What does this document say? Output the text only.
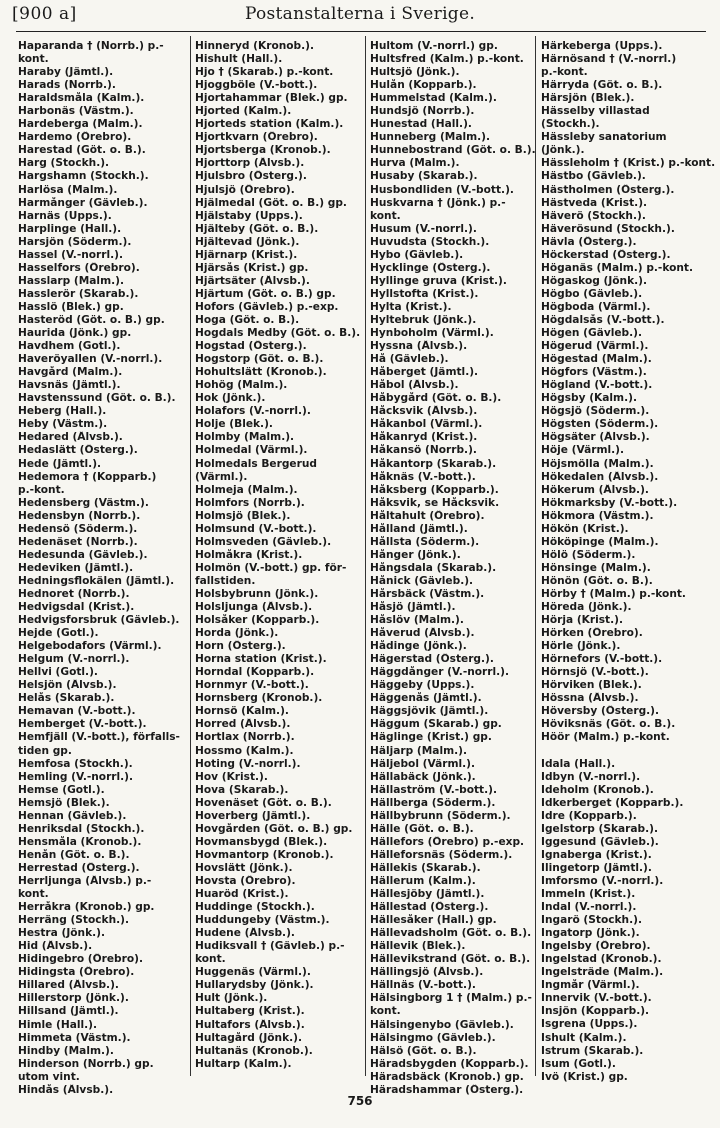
Postanstalterna i Sverige.
[900 a]
Haparanda † (Norrb.) p.-
kont.
Haraby (Jämtl.).
Harads (Norrb.).
Haraldsmåla (Kalm.).
Harbonäs (Västm.).
Hardeberga (Malm.).
Hardemo (Örebro).
Harestad (Göt. o. B.).
Harg (Stockh.).
Hargshamn (Stockh.).
Harlösa (Malm.).
Harmånger (Gävleb.).
Harnäs (Upps.).
Harplinge (Hall.).
Harsjön (Söderm.).
Hassel (V.-norrl.).
Hasselfors (Örebro).
Hasslarp (Malm.).
Hasslerör (Skarab.).
Hasslö (Blek.) gp.
Hasteröd (Göt. o. B.) gp.
Haurida (Jönk.) gp.
Havdhem (Gotl.).
Haveröyallen (V.-norrl.).
Havgård (Malm.).
Havsnäs (Jämtl.).
Havstenssund (Göt. o. B.).
Heberg (Hall.).
Heby (Västm.).
Hedared (Älvsb.).
Hedaslätt (Österg.).
Hede (Jämtl.).
Hedemora † (Kopparb.)
p.-kont.
Hedensberg (Västm.).
Hedensbyn (Norrb.).
Hedensö (Söderm.).
Hedenäset (Norrb.).
Hedesunda (Gävleb.).
Hedeviken (Jämtl.).
Hedningsflokälen (Jämtl.).
Hednoret (Norrb.).
Hedvigsdal (Krist.).
Hedvigsforsbruk (Gävleb.).
Hejde (Gotl.).
Helgebodafors (Värml.).
Helgum (V.-norrl.).
Hellvi (Gotl.).
Helsjön (Älvsb.).
Helås (Skarab.).
Hemavan (V.-bott.).
Hemberget (V.-bott.).
Hemfjäll (V.-bott.), förfalls-
tiden gp.
Hemfosa (Stockh.).
Hemling (V.-norrl.).
Hemse (Gotl.).
Hemsjö (Blek.).
Hennan (Gävleb.).
Henriksdal (Stockh.).
Hensmåla (Kronob.).
Henån (Göt. o. B.).
Herrestad (Österg.).
Herrljunga (Älvsb.) p.-
kont.
Herråkra (Kronob.) gp.
Herräng (Stockh.).
Hestra (Jönk.).
Hid (Älvsb.).
Hidingebro (Örebro).
Hidingsta (Örebro).
Hillared (Älvsb.).
Hillerstorp (Jönk.).
Hillsand (Jämtl.).
Himle (Hall.).
Himmeta (Västm.).
Hindby (Malm.).
Hinderson (Norrb.) gp.
utom vint.
Hindås (Älvsb.).
Hinneryd (Kronob.).
Hishult (Hall.).
Hjo † (Skarab.) p.-kont.
Hjoggböle (V.-bott.).
Hjortahammar (Blek.) gp.
Hjorted (Kalm.).
Hjorteds station (Kalm.).
Hjortkvarn (Örebro).
Hjortsberga (Kronob.).
Hjorttorp (Älvsb.).
Hjulsbro (Österg.).
Hjulsjö (Örebro).
Hjälmedal (Göt. o. B.) gp.
Hjälstaby (Upps.).
Hjälteby (Göt. o. B.).
Hjältevad (Jönk.).
Hjärnarp (Krist.).
Hjärsås (Krist.) gp.
Hjärtsäter (Älvsb.).
Hjärtum (Göt. o. B.) gp.
Hofors (Gävleb.) p.-exp.
Hoga (Göt. o. B.).
Hogdals Medby (Göt. o. B.).
Hogstad (Österg.).
Hogstorp (Göt. o. B.).
Hohultslätt (Kronob.).
Hohög (Malm.).
Hok (Jönk.).
Holafors (V.-norrl.).
Holje (Blek.).
Holmby (Malm.).
Holmedal (Värml.).
Holmedals Bergerud
(Värml.).
Holmeja (Malm.).
Holmfors (Norrb.).
Holmsjö (Blek.).
Holmsund (V.-bott.).
Holmsveden (Gävleb.).
Holmåkra (Krist.).
Holmön (V.-bott.) gp. för-
fallstiden.
Holsbybrunn (Jönk.).
Holsljunga (Älvsb.).
Holsåker (Kopparb.).
Horda (Jönk.).
Horn (Österg.).
Horna station (Krist.).
Horndal (Kopparb.).
Hornmyr (V.-bott.).
Hornsberg (Kronob.).
Hornsö (Kalm.).
Horred (Älvsb.).
Hortlax (Norrb.).
Hossmo (Kalm.).
Hoting (V.-norrl.).
Hov (Krist.).
Hova (Skarab.).
Hovenäset (Göt. o. B.).
Hoverberg (Jämtl.).
Hovgården (Göt. o. B.) gp.
Hovmansbygd (Blek.).
Hovmantorp (Kronob.).
Hovslätt (Jönk.).
Hovsta (Örebro).
Huaröd (Krist.).
Huddinge (Stockh.).
Huddungeby (Västm.).
Hudene (Älvsb.).
Hudiksvall † (Gävleb.) p.-
kont.
Huggenäs (Värml.).
Hullarydsby (Jönk.).
Hult (Jönk.).
Hultaberg (Krist.).
Hultafors (Älvsb.).
Hultagård (Jönk.).
Hultanäs (Kronob.).
Hultarp (Kalm.).
Hultom (V.-norrl.) gp.
Hultsfred (Kalm.) p.-kont.
Hultsjö (Jönk.).
Hulån (Kopparb.).
Hummelstad (Kalm.).
Hundsjö (Norrb.).
Hunestad (Hall.).
Hunneberg (Malm.).
Hunnebostrand (Göt. o. B.).
Hurva (Malm.).
Husaby (Skarab.).
Husbondliden (V.-bott.).
Huskvarna † (Jönk.) p.-
kont.
Husum (V.-norrl.).
Huvudsta (Stockh.).
Hybo (Gävleb.).
Hycklinge (Österg.).
Hyllinge gruva (Krist.).
Hyllstofta (Krist.).
Hylta (Krist.).
Hyltebruk (Jönk.).
Hynboholm (Värml.).
Hyssna (Älvsb.).
Hå (Gävleb.).
Håberget (Jämtl.).
Håbol (Älvsb.).
Håbygård (Göt. o. B.).
Håcksvik (Älvsb.).
Håkanbol (Värml.).
Håkanryd (Krist.).
Håkansö (Norrb.).
Håkantorp (Skarab.).
Håknäs (V.-bott.).
Håksberg (Kopparb.).
Håksvik, se Håcksvik.
Håltahult (Örebro).
Hålland (Jämtl.).
Hållsta (Söderm.).
Hånger (Jönk.).
Hångsdala (Skarab.).
Hånick (Gävleb.).
Hårsbäck (Västm.).
Håsjö (Jämtl.).
Håslöv (Malm.).
Håverud (Älvsb.).
Hådinge (Jönk.).
Hägerstad (Österg.).
Häggdånger (V.-norrl.).
Häggeby (Upps.).
Häggenås (Jämtl.).
Häggsjövik (Jämtl.).
Häggum (Skarab.) gp.
Häglinge (Krist.) gp.
Häljarp (Malm.).
Häljebol (Värml.).
Hällabäck (Jönk.).
Hällaström (V.-bott.).
Hällberga (Söderm.).
Hällbybrunn (Söderm.).
Hälle (Göt. o. B.).
Hällefors (Örebro) p.-exp.
Hälleforsnäs (Söderm.).
Hällekis (Skarab.).
Hällerum (Kalm.).
Hällesjöby (Jämtl.).
Hällestad (Österg.).
Hällesåker (Hall.) gp.
Hällevadsholm (Göt. o. B.).
Hällevik (Blek.).
Hällevikstrand (Göt. o. B.).
Hällingsjö (Älvsb.).
Hällnäs (V.-bott.).
Hälsingborg 1 † (Malm.) p.-
kont.
Hälsingenybo (Gävleb.).
Hälsingmo (Gävleb.).
Hälsö (Göt. o. B.).
Häradsbygden (Kopparb.).
Häradsbäck (Kronob.) gp.
Häradshammar (Österg.).
Härkeberga (Upps.).
Härnösand † (V.-norrl.)
p.-kont.
Härryda (Göt. o. B.).
Härsjön (Blek.).
Hässelby villastad
(Stockh.).
Hässleby sanatorium
(Jönk.).
Hässleholm † (Krist.) p.-kont.
Hästbo (Gävleb.).
Hästholmen (Österg.).
Hästveda (Krist.).
Häverö (Stockh.).
Häverösund (Stockh.).
Hävla (Österg.).
Höckerstad (Österg.).
Höganäs (Malm.) p.-kont.
Högaskog (Jönk.).
Högbo (Gävleb.).
Högboda (Värml.).
Högdalsås (V.-bott.).
Högen (Gävleb.).
Högerud (Värml.).
Högestad (Malm.).
Högfors (Västm.).
Högland (V.-bott.).
Högsby (Kalm.).
Högsjö (Söderm.).
Högsten (Söderm.).
Högsäter (Älvsb.).
Höje (Värml.).
Höjsmölla (Malm.).
Hökedalen (Älvsb.).
Hökerum (Älvsb.).
Hökmarksby (V.-bott.).
Hökmora (Västm.).
Hökön (Krist.).
Hököpinge (Malm.).
Hölö (Söderm.).
Hönsinge (Malm.).
Hönön (Göt. o. B.).
Hörby † (Malm.) p.-kont.
Höreda (Jönk.).
Hörja (Krist.).
Hörken (Örebro).
Hörle (Jönk.).
Hörnefors (V.-bott.).
Hörnsjö (V.-bott.).
Hörviken (Blek.).
Hössna (Älvsb.).
Höversby (Österg.).
Höviksnäs (Göt. o. B.).
Höör (Malm.) p.-kont.
Idala (Hall.).
Idbyn (V.-norrl.).
Ideholm (Kronob.).
Idkerberget (Kopparb.).
Idre (Kopparb.).
Igelstorp (Skarab.).
Iggesund (Gävleb.).
Ignaberga (Krist.).
Ilingetorp (Jämtl.).
Imforsmo (V.-norrl.).
Immeln (Krist.).
Indal (V.-norrl.).
Ingarö (Stockh.).
Ingatorp (Jönk.).
Ingelsby (Örebro).
Ingelstad (Kronob.).
Ingelsträde (Malm.).
Ingmår (Värml.).
Innervik (V.-bott.).
Insjön (Kopparb.).
Isgrena (Upps.).
Ishult (Kalm.).
Istrum (Skarab.).
Isum (Gotl.).
Ivö (Krist.) gp.
756
